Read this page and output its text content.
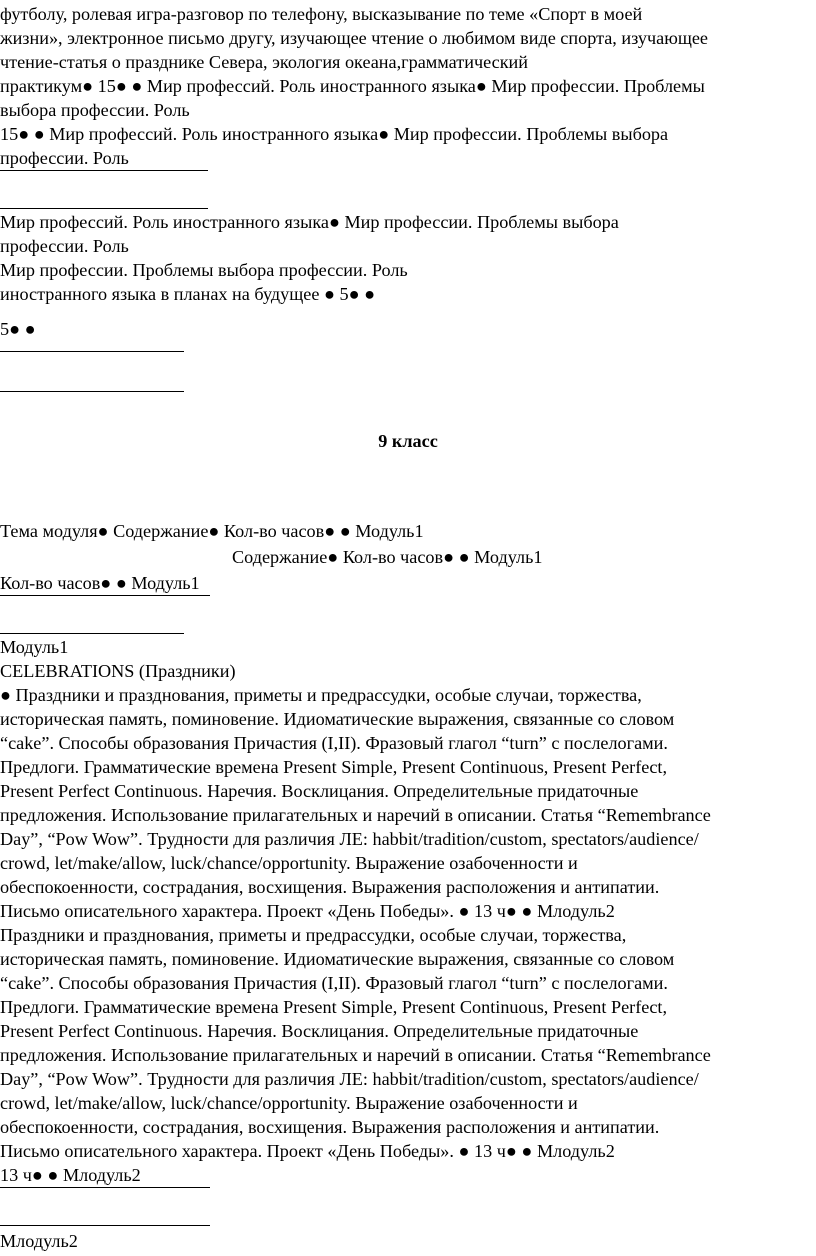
футболу, ролевая игра-разговор по телефону, высказывание по теме «Спорт в моей
жизни», электронное письмо другу, изучающее чтение о любимом виде спорта, изучающее
чтение-статья о празднике Севера, экология океана,грамматический
практикум● 15● ● Мир профессий. Роль иностранного языка● Мир профессии. Проблемы
выбора профессии. Роль
15● ● Мир профессий. Роль иностранного языка● Мир профессии. Проблемы выбора
профессии. Роль
Мир профессий. Роль иностранного языка● Мир профессии. Проблемы выбора
профессии. Роль
Мир профессии. Проблемы выбора профессии. Роль
иностранного языка в планах на будущее ● 5● ●
5● ●
9 класс
Тема модуля● Содержание● Кол-во часов● ● Модуль1
Содержание● Кол-во часов● ● Модуль1
Кол-во часов● ● Модуль1
Модуль1
CELEBRATIONS (Праздники)
● Праздники и празднования, приметы и предрассудки, особые случаи, торжества,
историческая память, поминовение. Идиоматические выражения, связанные со словом
“cake”. Способы образования Причастия (I,II). Фразовый глагол “turn” с послелогами.
Предлоги. Грамматические времена Present Simple, Present Continuous, Present Perfect,
Present Perfect Continuous. Наречия. Восклицания. Определительные придаточные
предложения. Использование прилагательных и наречий в описании. Статья “Remembrance
Day”, “Pow Wow”. Трудности для различия ЛЕ: habbit/tradition/custom, spectators/audience/
crowd, let/make/allow, luck/chance/opportunity. Выражение озабоченности и
обеспокоенности, сострадания, восхищения. Выражения расположения и антипатии.
Письмо описательного характера. Проект «День Победы». ● 13 ч● ● Млодуль2
Праздники и празднования, приметы и предрассудки, особые случаи, торжества,
историческая память, поминовение. Идиоматические выражения, связанные со словом
“cake”. Способы образования Причастия (I,II). Фразовый глагол “turn” с послелогами.
Предлоги. Грамматические времена Present Simple, Present Continuous, Present Perfect,
Present Perfect Continuous. Наречия. Восклицания. Определительные придаточные
предложения. Использование прилагательных и наречий в описании. Статья “Remembrance
Day”, “Pow Wow”. Трудности для различия ЛЕ: habbit/tradition/custom, spectators/audience/
crowd, let/make/allow, luck/chance/opportunity. Выражение озабоченности и
обеспокоенности, сострадания, восхищения. Выражения расположения и антипатии.
Письмо описательного характера. Проект «День Победы». ● 13 ч● ● Млодуль2
13 ч● ● Млодуль2
Млодуль2
